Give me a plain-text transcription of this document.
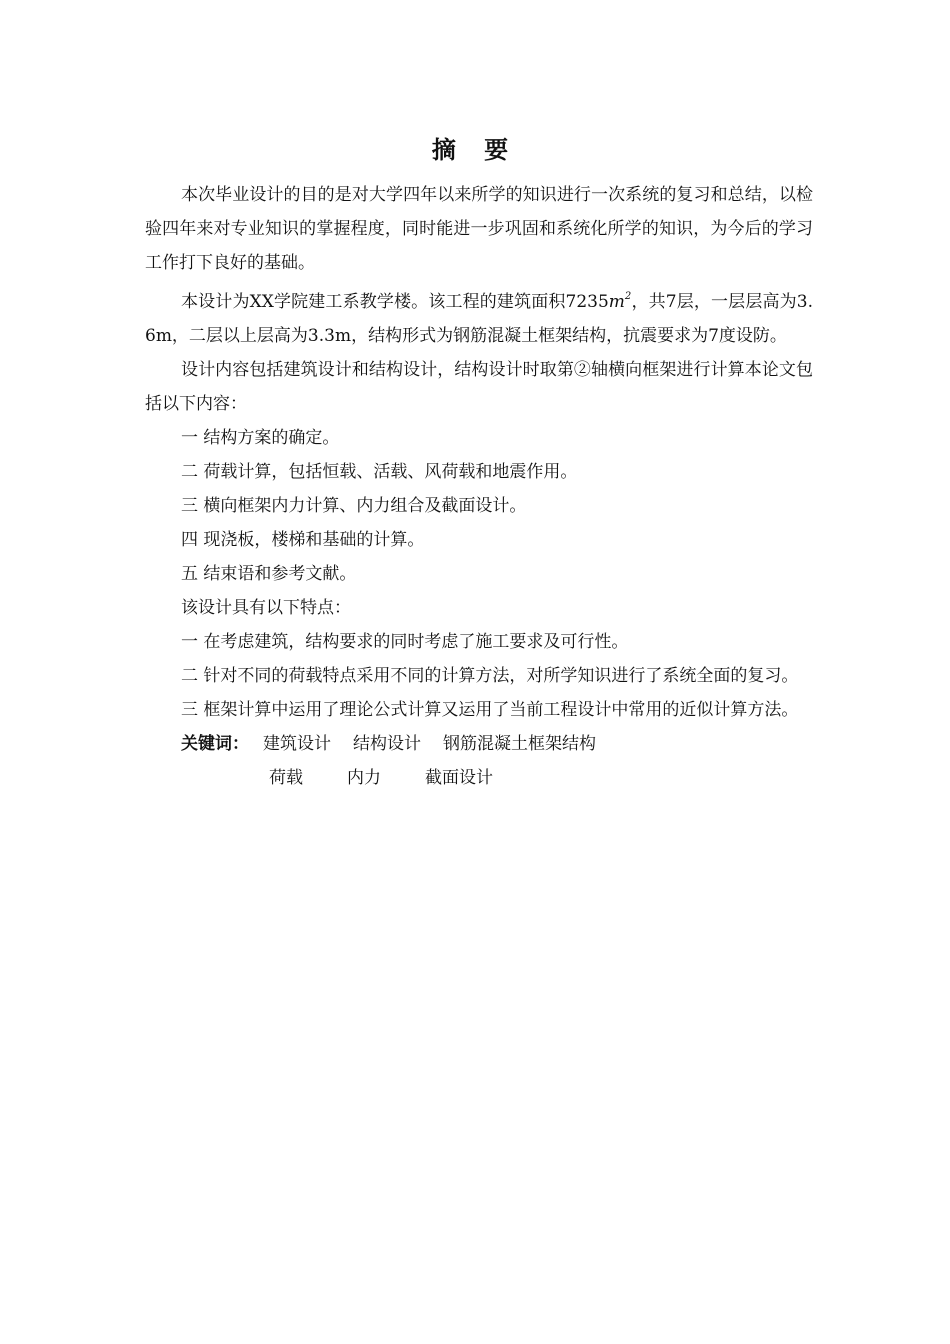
摘 要

本次毕业设计的目的是对大学四年以来所学的知识进行一次系统的复习和总结，以检验四年来对专业知识的掌握程度，同时能进一步巩固和系统化所学的知识，为今后的学习工作打下良好的基础。

本设计为XX学院建工系教学楼。该工程的建筑面积$7235m^2$，共7层，一层层高为3.6m，二层以上层高为3.3m，结构形式为钢筋混凝土框架结构，抗震要求为7度设防。

设计内容包括建筑设计和结构设计，结构设计时取第②轴横向框架进行计算本论文包括以下内容：

一 结构方案的确定。

二 荷载计算，包括恒载、活载、风荷载和地震作用。

三 横向框架内力计算、内力组合及截面设计。

四 现浇板，楼梯和基础的计算。

五 结束语和参考文献。

该设计具有以下特点：

一 在考虑建筑，结构要求的同时考虑了施工要求及可行性。

二 针对不同的荷载特点采用不同的计算方法，对所学知识进行了系统全面的复习。

三 框架计算中运用了理论公式计算又运用了当前工程设计中常用的近似计算方法。

关键词： 建筑设计 结构设计 钢筋混凝土框架结构

荷载	内力	截面设计
